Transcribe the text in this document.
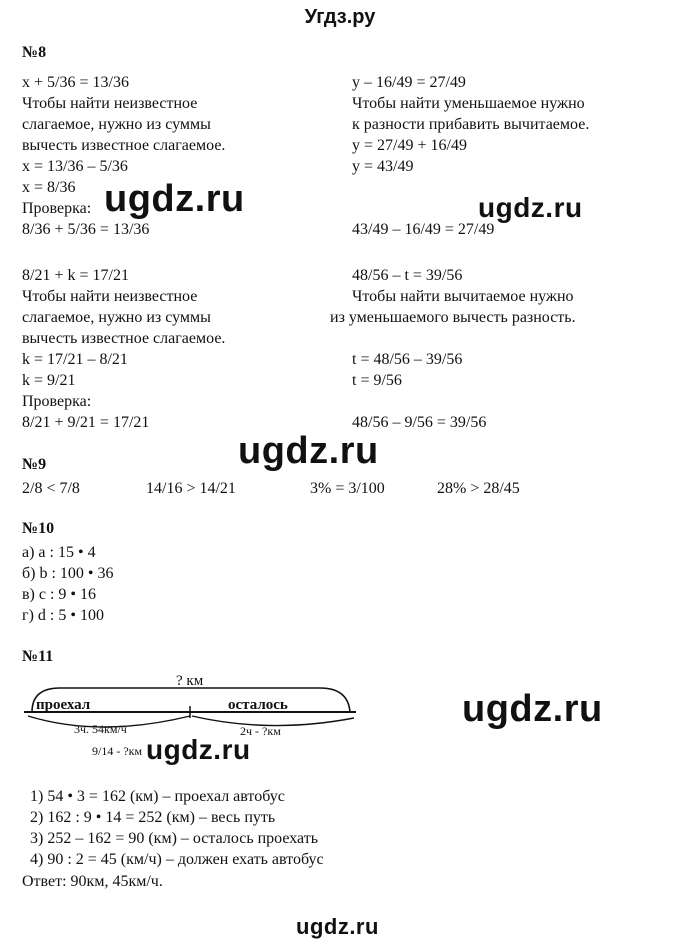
Угдз.ру
№8
x + 5/36 = 13/36
Чтобы найти неизвестное
слагаемое, нужно из суммы
вычесть известное слагаемое.
x = 13/36 – 5/36
x = 8/36
Проверка:
8/36 + 5/36 = 13/36
y – 16/49 = 27/49
Чтобы найти уменьшаемое нужно
к разности прибавить вычитаемое.
y = 27/49 + 16/49
y = 43/49
43/49 – 16/49 = 27/49
8/21 + k = 17/21
Чтобы найти неизвестное
слагаемое, нужно из суммы
вычесть известное слагаемое.
k = 17/21 – 8/21
k = 9/21
Проверка:
8/21 + 9/21 = 17/21
48/56 – t = 39/56
Чтобы найти вычитаемое нужно
из уменьшаемого вычесть разность.
t = 48/56 – 39/56
t = 9/56
48/56 – 9/56 = 39/56
№9
2/8 < 7/8	14/16 > 14/21	3% = 3/100	28% > 28/45
№10
а) a : 15 • 4
б) b : 100 • 36
в) c : 9 • 16
г) d : 5 • 100
№11
? км
проехал	осталось
3ч. 54км/ч	2ч - ?км
9/14 - ?км
1) 54 • 3 = 162 (км) – проехал автобус
2) 162 : 9 • 14 = 252 (км) – весь путь
3) 252 – 162 = 90 (км) – осталось проехать
4) 90 : 2 = 45 (км/ч) – должен ехать автобус
Ответ: 90км, 45км/ч.
ugdz.ru	ugdz.ru
ugdz.ru
ugdz.ru
ugdz.ru
ugdz.ru
